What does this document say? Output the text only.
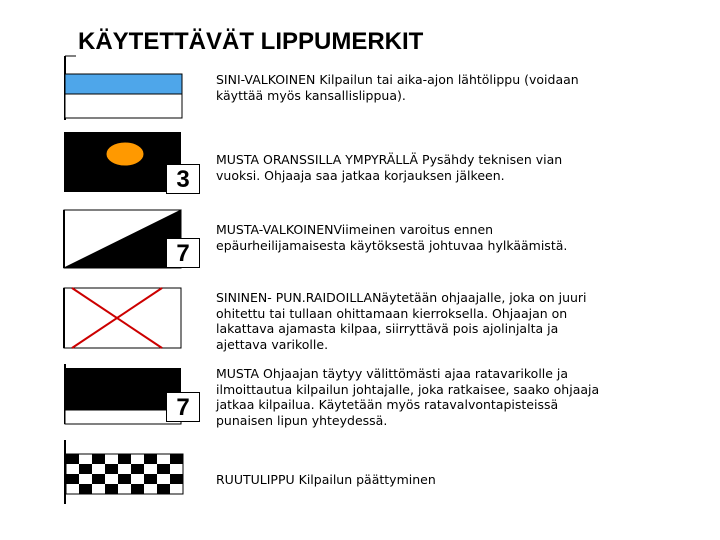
KÄYTETTÄVÄT LIPPUMERKIT
SINI-VALKOINEN Kilpailun tai aika-ajon lähtölippu (voidaan käyttää myös kansallislippua).
3
MUSTA ORANSSILLA YMPYRÄLLÄ Pysähdy teknisen vian vuoksi. Ohjaaja saa jatkaa korjauksen jälkeen.
7
MUSTA-VALKOINENViimeinen varoitus ennen epäurheilijamaisesta käytöksestä johtuvaa hylkäämistä.
SININEN- PUN.RAIDOILLANäytetään ohjaajalle, joka on juuri ohitettu tai tullaan ohittamaan kierroksella. Ohjaajan on lakattava ajamasta kilpaa, siirryttävä pois ajolinjalta ja ajettava varikolle.
7
MUSTA Ohjaajan täytyy välittömästi ajaa ratavarikolle ja ilmoittautua kilpailun johtajalle, joka ratkaisee, saako ohjaaja jatkaa kilpailua. Käytetään myös ratavalvontapisteissä punaisen lipun yhteydessä.
RUUTULIPPU Kilpailun päättyminen
